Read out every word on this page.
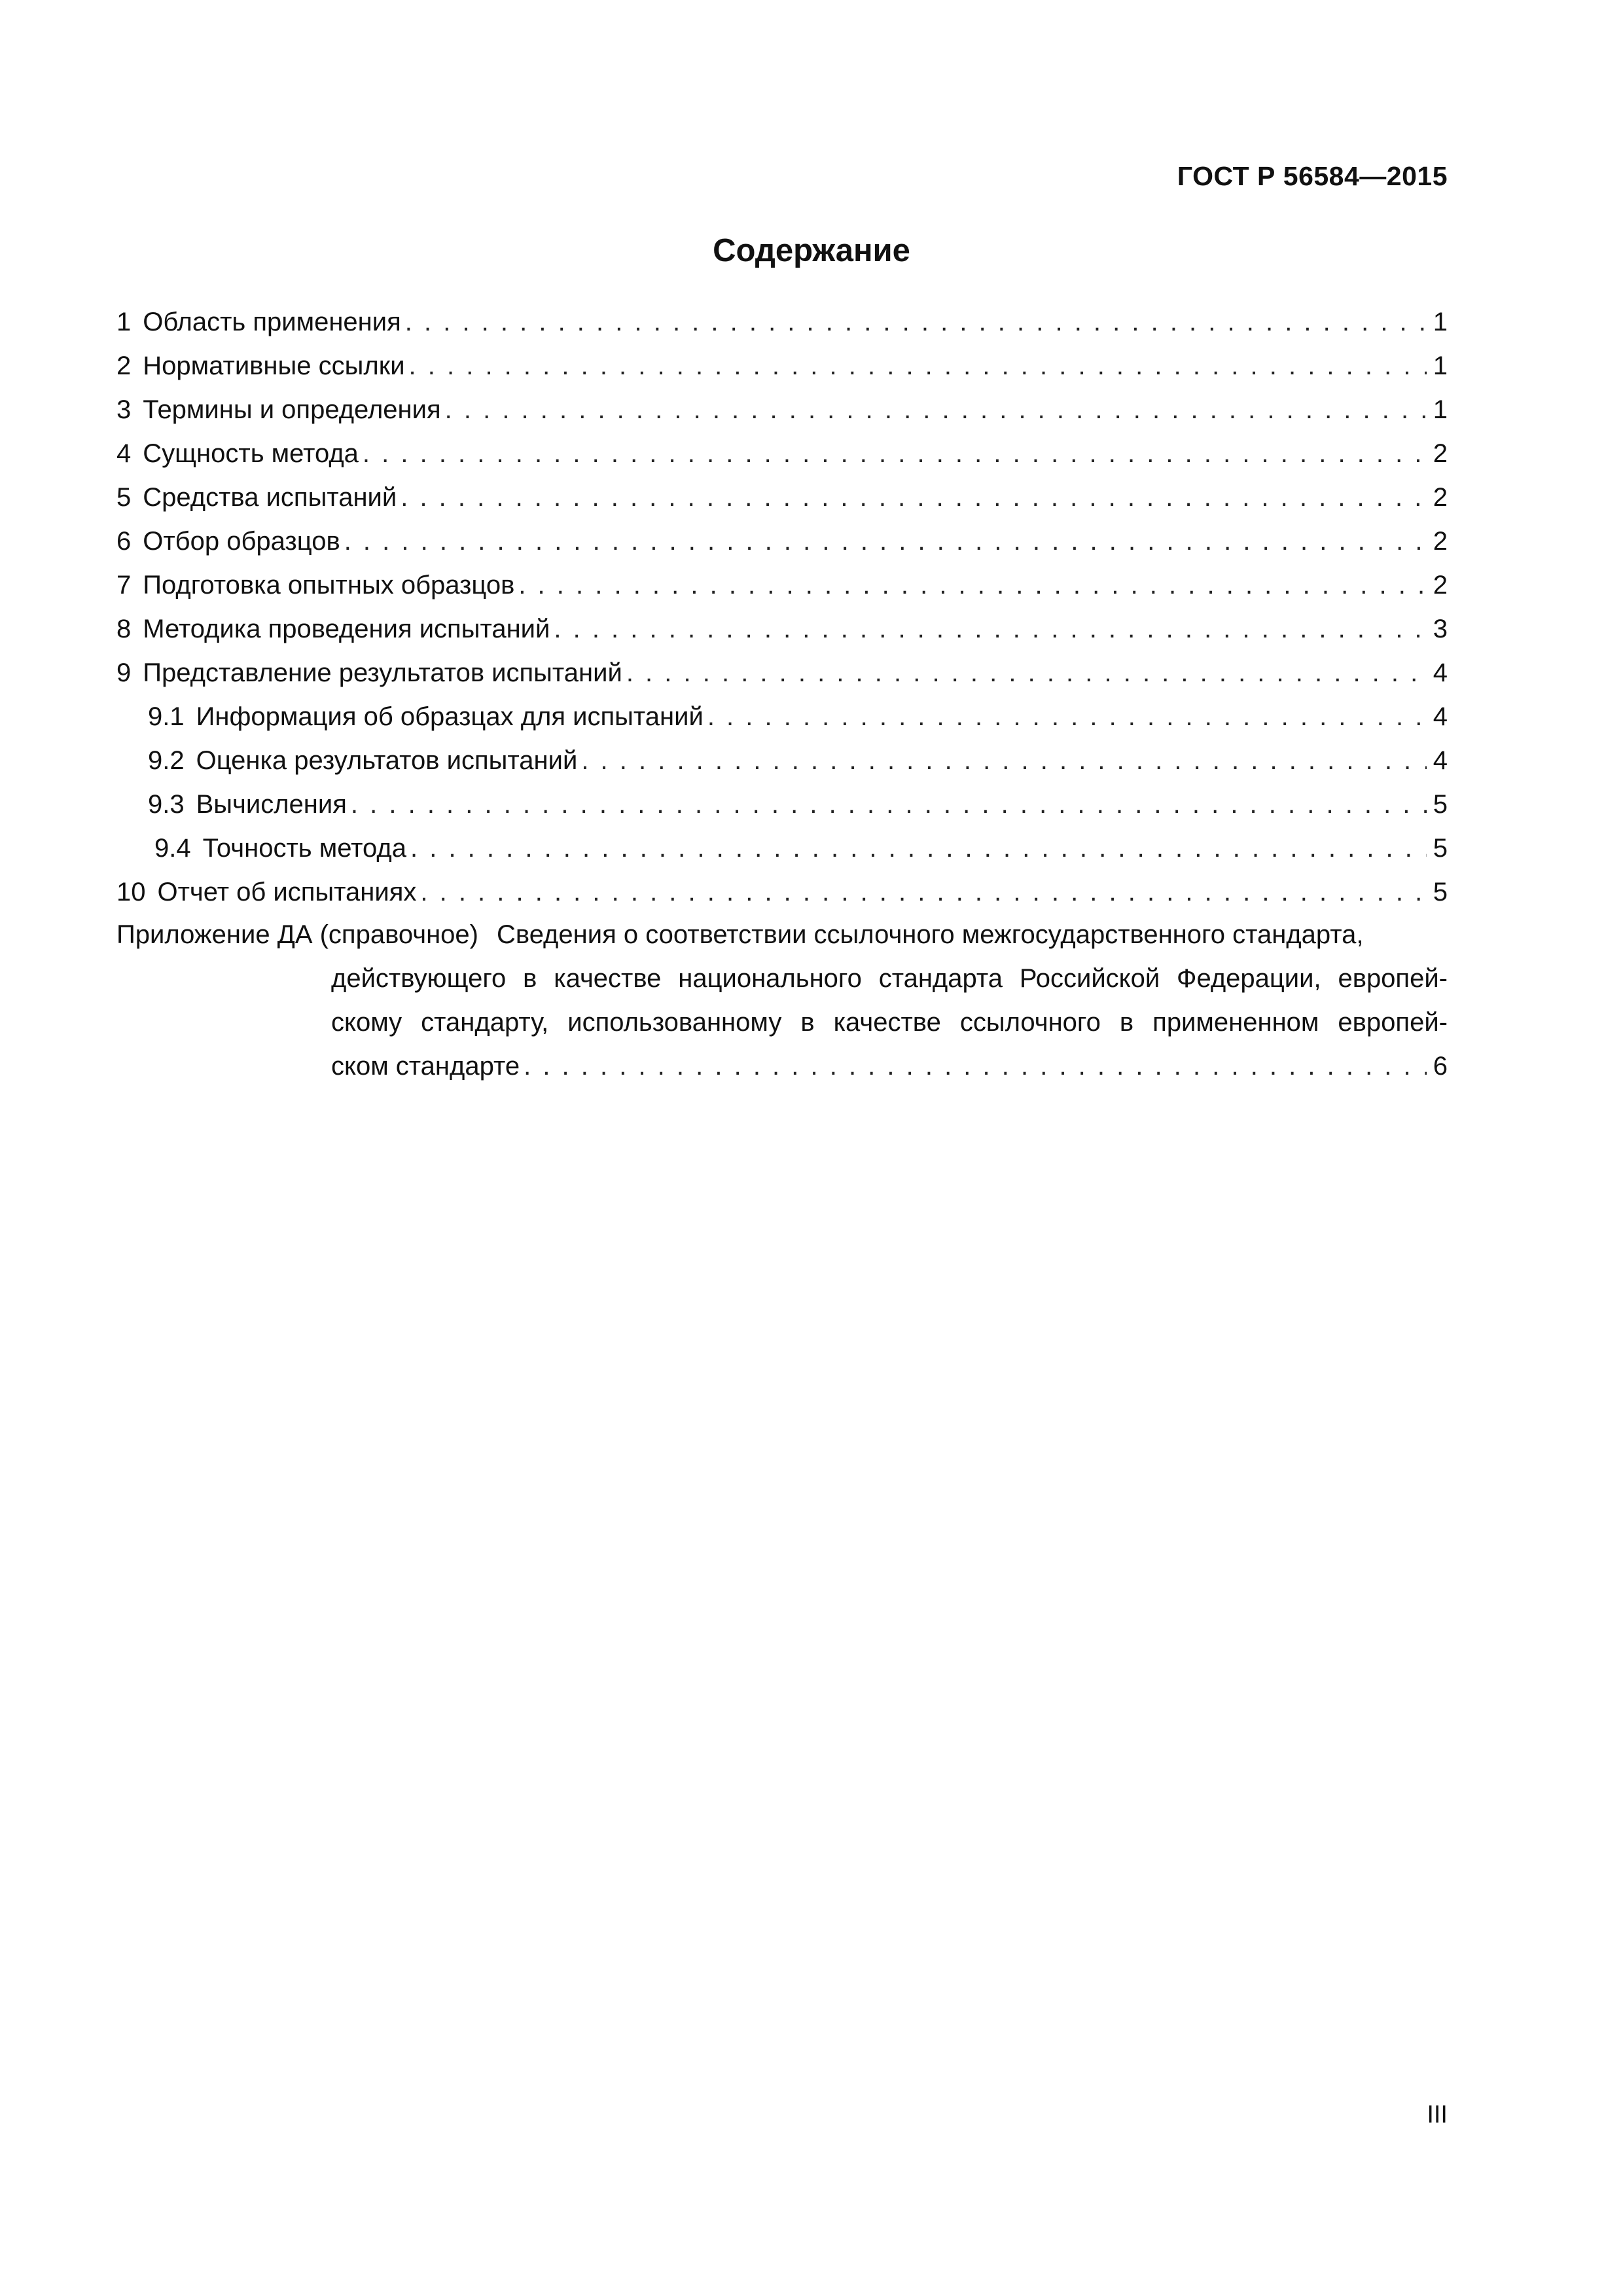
ГОСТ Р 56584—2015
Содержание
1 Область применения . . .	1
2 Нормативные ссылки . . .	1
3 Термины и определения . . .	1
4 Сущность метода . . .	2
5 Средства испытаний . . .	2
6 Отбор образцов . . .	2
7 Подготовка опытных образцов . . .	2
8 Методика проведения испытаний . . .	3
9 Представление результатов испытаний . . .	4
9.1 Информация об образцах для испытаний . . .	4
9.2 Оценка результатов испытаний . . .	4
9.3 Вычисления . . .	5
9.4 Точность метода . . .	5
10 Отчет об испытаниях . . .	5
Приложение ДА (справочное) Сведения о соответствии ссылочного межгосударственного стандарта,
действующего в качестве национального стандарта Российской Федерации, европей-
скому стандарту, использованному в качестве ссылочного в примененном европей-
ском стандарте . . .	6
III
